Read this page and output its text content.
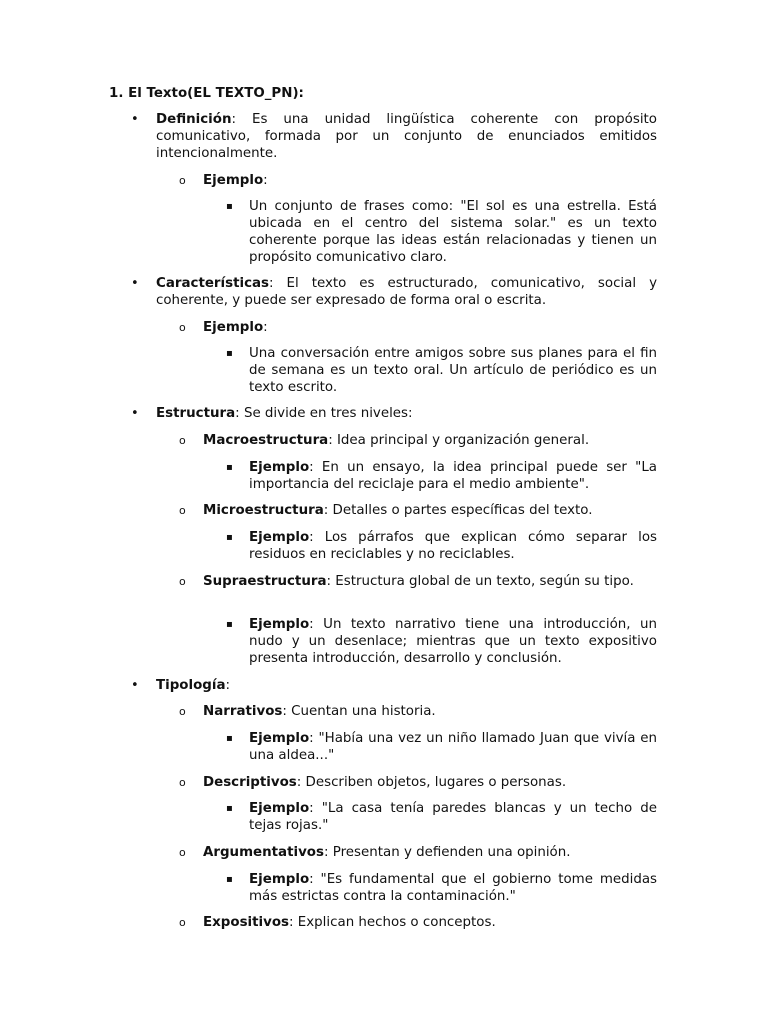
1. El Texto(EL TEXTO_PN):
• Definición: Es una unidad lingüística coherente con propósito comunicativo, formada por un conjunto de enunciados emitidos intencionalmente.
o Ejemplo:
▪ Un conjunto de frases como: "El sol es una estrella. Está ubicada en el centro del sistema solar." es un texto coherente porque las ideas están relacionadas y tienen un propósito comunicativo claro.
• Características: El texto es estructurado, comunicativo, social y coherente, y puede ser expresado de forma oral o escrita.
o Ejemplo:
▪ Una conversación entre amigos sobre sus planes para el fin de semana es un texto oral. Un artículo de periódico es un texto escrito.
• Estructura: Se divide en tres niveles:
o Macroestructura: Idea principal y organización general.
▪ Ejemplo: En un ensayo, la idea principal puede ser "La importancia del reciclaje para el medio ambiente".
o Microestructura: Detalles o partes específicas del texto.
▪ Ejemplo: Los párrafos que explican cómo separar los residuos en reciclables y no reciclables.
o Supraestructura: Estructura global de un texto, según su tipo.
▪ Ejemplo: Un texto narrativo tiene una introducción, un nudo y un desenlace; mientras que un texto expositivo presenta introducción, desarrollo y conclusión.
• Tipología:
o Narrativos: Cuentan una historia.
▪ Ejemplo: "Había una vez un niño llamado Juan que vivía en una aldea..."
o Descriptivos: Describen objetos, lugares o personas.
▪ Ejemplo: "La casa tenía paredes blancas y un techo de tejas rojas."
o Argumentativos: Presentan y defienden una opinión.
▪ Ejemplo: "Es fundamental que el gobierno tome medidas más estrictas contra la contaminación."
o Expositivos: Explican hechos o conceptos.
